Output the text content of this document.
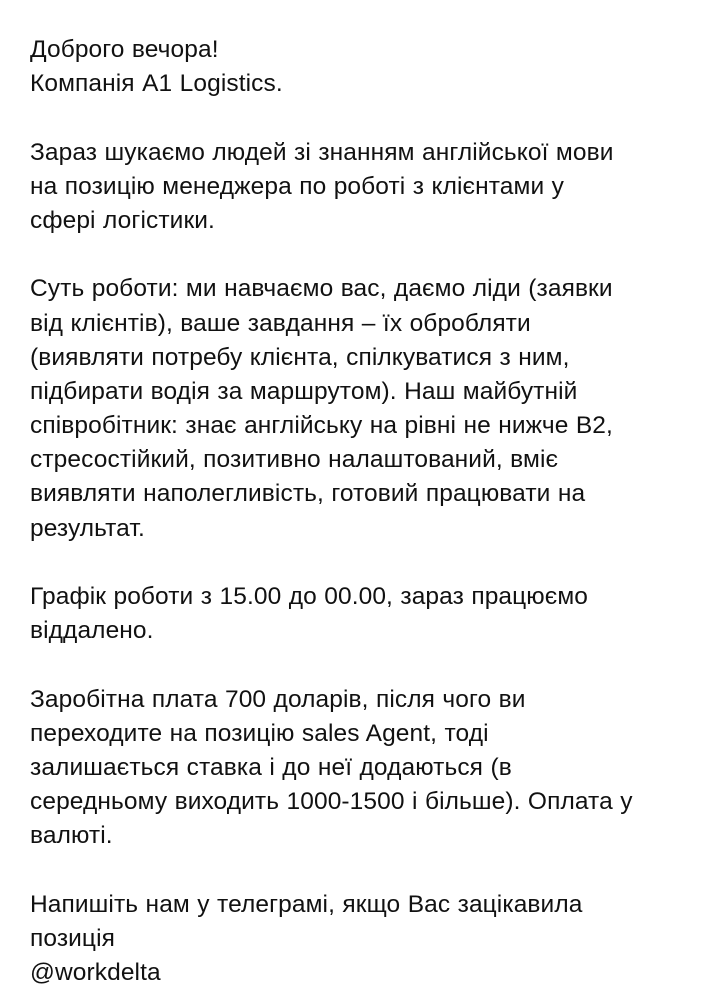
Доброго вечора!
Компанія A1 Logistics.
Зараз шукаємо людей зі знанням англійської мови
на позицію менеджера по роботі з клієнтами у
сфері логістики.
Суть роботи: ми навчаємо вас, даємо ліди (заявки
від клієнтів), ваше завдання – їх обробляти
(виявляти потребу клієнта, спілкуватися з ним,
підбирати водія за маршрутом). Наш майбутній
співробітник: знає англійську на рівні не нижче B2,
стресостійкий, позитивно налаштований, вміє
виявляти наполегливість, готовий працювати на
результат.
Графік роботи з 15.00 до 00.00, зараз працюємо
віддалено.
Заробітна плата 700 доларів, після чого ви
переходите на позицію sales Agent, тоді
залишається ставка і до неї додаються (в
середньому виходить 1000-1500 і більше). Оплата у
валюті.
Напишіть нам у телеграмі, якщо Вас зацікавила
позиція
@workdelta
